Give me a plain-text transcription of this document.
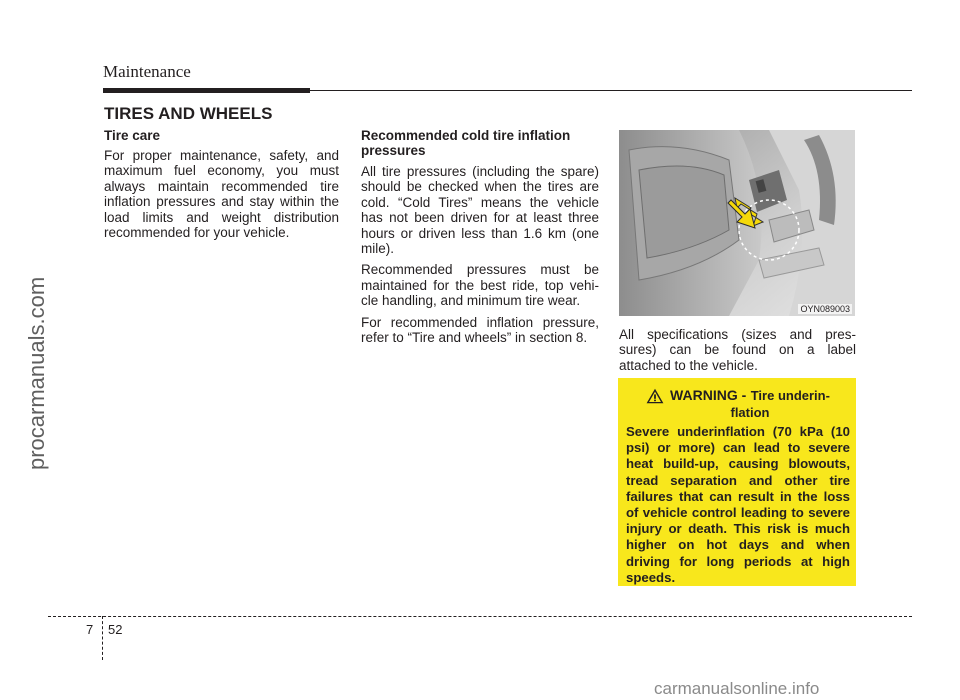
Maintenance
procarmanuals.com
TIRES AND WHEELS
Tire care
For proper maintenance, safety, and maximum fuel economy, you must always maintain recommended tire inflation pressures and stay within the load limits and weight distribution recommended for your vehicle.
Recommended cold tire inflation pressures
All tire pressures (including the spare) should be checked when the tires are cold. “Cold Tires” means the vehicle has not been driven for at least three hours or driven less than 1.6 km (one mile).
Recommended pressures must be maintained for the best ride, top vehi-cle handling, and minimum tire wear.
For recommended inflation pressure, refer to “Tire and wheels” in section 8.
OYN089003
All specifications (sizes and pres-sures) can be found on a label attached to the vehicle.
WARNING - Tire underin-
flation
Severe underinflation (70 kPa (10 psi) or more) can lead to severe heat build-up, causing blowouts, tread separation and other tire failures that can result in the loss of vehicle control leading to severe injury or death. This risk is much higher on hot days and when driving for long periods at high speeds.
7 52
carmanualsonline.info
